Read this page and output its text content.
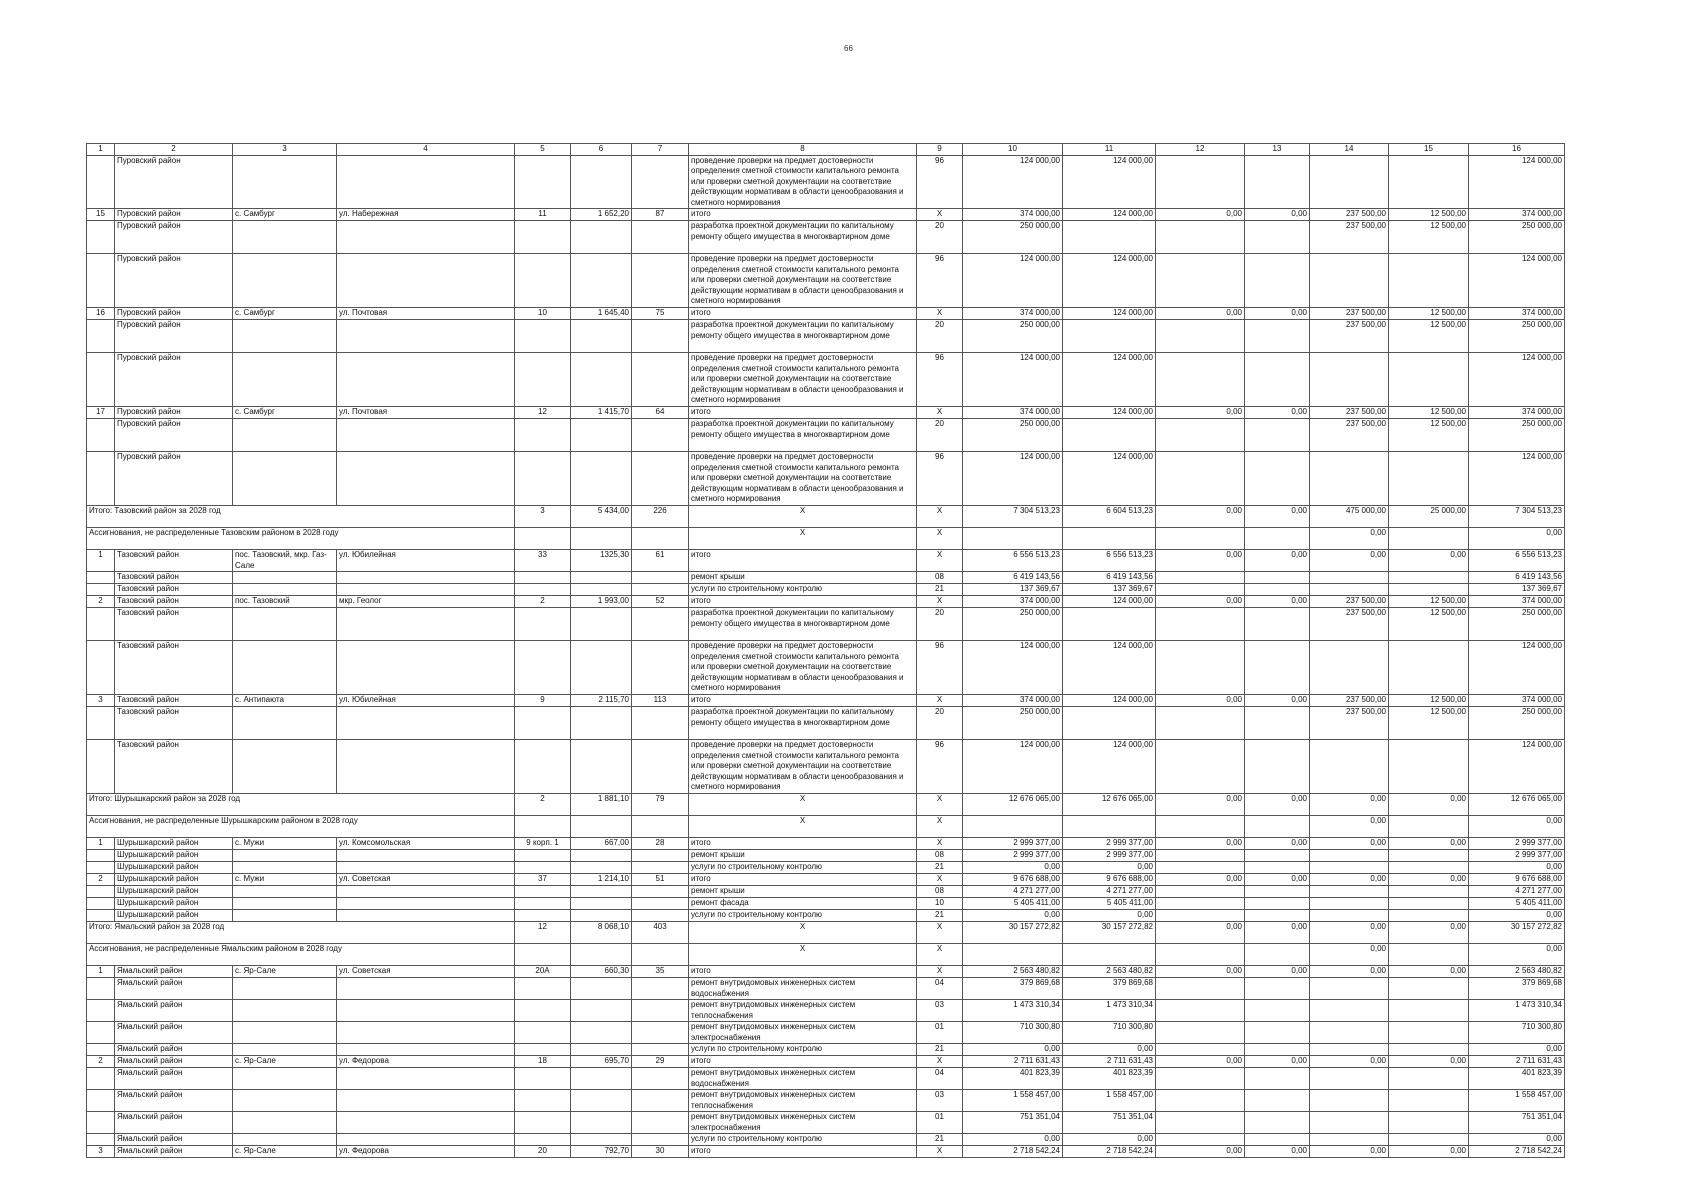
66
1	2	3	4	5	6	7	8	9	10	11	12	13	14	15	16
	Пуровский район						проведение проверки на предмет достоверности определения сметной стоимости капитального ремонта или проверки сметной документации на соответствие действующим нормативам в области ценообразования и сметного нормирования	96	124 000,00	124 000,00					124 000,00
15	Пуровский район	с. Самбург	ул. Набережная	11	1 652,20	87	итого	Х	374 000,00	124 000,00	0,00	0,00	237 500,00	12 500,00	374 000,00
	Пуровский район						разработка проектной документации по капитальному ремонту общего имущества в многоквартирном доме	20	250 000,00				237 500,00	12 500,00	250 000,00
	Пуровский район						проведение проверки на предмет достоверности определения сметной стоимости капитального ремонта или проверки сметной документации на соответствие действующим нормативам в области ценообразования и сметного нормирования	96	124 000,00	124 000,00					124 000,00
16	Пуровский район	с. Самбург	ул. Почтовая	10	1 645,40	75	итого	Х	374 000,00	124 000,00	0,00	0,00	237 500,00	12 500,00	374 000,00
	Пуровский район						разработка проектной документации по капитальному ремонту общего имущества в многоквартирном доме	20	250 000,00				237 500,00	12 500,00	250 000,00
	Пуровский район						проведение проверки на предмет достоверности определения сметной стоимости капитального ремонта или проверки сметной документации на соответствие действующим нормативам в области ценообразования и сметного нормирования	96	124 000,00	124 000,00					124 000,00
17	Пуровский район	с. Самбург	ул. Почтовая	12	1 415,70	64	итого	Х	374 000,00	124 000,00	0,00	0,00	237 500,00	12 500,00	374 000,00
	Пуровский район						разработка проектной документации по капитальному ремонту общего имущества в многоквартирном доме	20	250 000,00				237 500,00	12 500,00	250 000,00
	Пуровский район						проведение проверки на предмет достоверности определения сметной стоимости капитального ремонта или проверки сметной документации на соответствие действующим нормативам в области ценообразования и сметного нормирования	96	124 000,00	124 000,00					124 000,00
Итого: Тазовский район за 2028 год				3	5 434,00	226	Х	Х	7 304 513,23	6 604 513,23	0,00	0,00	475 000,00	25 000,00	7 304 513,23
Ассигнования, не распределенные Тазовским районом в 2028 году							Х	Х					0,00		0,00
1	Тазовский район	пос. Тазовский, мкр. Газ-Сале	ул. Юбилейная	33	1325,30	61	итого	Х	6 556 513,23	6 556 513,23	0,00	0,00	0,00	0,00	6 556 513,23
	Тазовский район						ремонт крыши	08	6 419 143,56	6 419 143,56					6 419 143,56
	Тазовский район						услуги по строительному контролю	21	137 369,67	137 369,67					137 369,67
2	Тазовский район	пос. Тазовский	мкр. Геолог	2	1 993,00	52	итого	Х	374 000,00	124 000,00	0,00	0,00	237 500,00	12 500,00	374 000,00
	Тазовский район						разработка проектной документации по капитальному ремонту общего имущества в многоквартирном доме	20	250 000,00				237 500,00	12 500,00	250 000,00
	Тазовский район						проведение проверки на предмет достоверности определения сметной стоимости капитального ремонта или проверки сметной документации на соответствие действующим нормативам в области ценообразования и сметного нормирования	96	124 000,00	124 000,00					124 000,00
3	Тазовский район	с. Антипаюта	ул. Юбилейная	9	2 115,70	113	итого	Х	374 000,00	124 000,00	0,00	0,00	237 500,00	12 500,00	374 000,00
	Тазовский район						разработка проектной документации по капитальному ремонту общего имущества в многоквартирном доме	20	250 000,00				237 500,00	12 500,00	250 000,00
	Тазовский район						проведение проверки на предмет достоверности определения сметной стоимости капитального ремонта или проверки сметной документации на соответствие действующим нормативам в области ценообразования и сметного нормирования	96	124 000,00	124 000,00					124 000,00
Итого: Шурышкарский район за 2028 год				2	1 881,10	79	Х	Х	12 676 065,00	12 676 065,00	0,00	0,00	0,00	0,00	12 676 065,00
Ассигнования, не распределенные Шурышкарским районом в 2028 году							Х	Х					0,00		0,00
1	Шурышкарский район	с. Мужи	ул. Комсомольская	9 корп. 1	667,00	28	итого	Х	2 999 377,00	2 999 377,00	0,00	0,00	0,00	0,00	2 999 377,00
	Шурышкарский район						ремонт крыши	08	2 999 377,00	2 999 377,00					2 999 377,00
	Шурышкарский район						услуги по строительному контролю	21	0,00	0,00					0,00
2	Шурышкарский район	с. Мужи	ул. Советская	37	1 214,10	51	итого	Х	9 676 688,00	9 676 688,00	0,00	0,00	0,00	0,00	9 676 688,00
	Шурышкарский район						ремонт крыши	08	4 271 277,00	4 271 277,00					4 271 277,00
	Шурышкарский район						ремонт фасада	10	5 405 411,00	5 405 411,00					5 405 411,00
	Шурышкарский район						услуги по строительному контролю	21	0,00	0,00					0,00
Итого: Ямальский район за 2028 год				12	8 068,10	403	Х	Х	30 157 272,82	30 157 272,82	0,00	0,00	0,00	0,00	30 157 272,82
Ассигнования, не распределенные Ямальским районом в 2028 году							Х	Х					0,00		0,00
1	Ямальский район	с. Яр-Сале	ул. Советская	20А	660,30	35	итого	Х	2 563 480,82	2 563 480,82	0,00	0,00	0,00	0,00	2 563 480,82
	Ямальский район						ремонт внутридомовых инженерных систем водоснабжения	04	379 869,68	379 869,68					379 869,68
	Ямальский район						ремонт внутридомовых инженерных систем теплоснабжения	03	1 473 310,34	1 473 310,34					1 473 310,34
	Ямальский район						ремонт внутридомовых инженерных систем электроснабжения	01	710 300,80	710 300,80					710 300,80
	Ямальский район						услуги по строительному контролю	21	0,00	0,00					0,00
2	Ямальский район	с. Яр-Сале	ул. Федорова	18	695,70	29	итого	Х	2 711 631,43	2 711 631,43	0,00	0,00	0,00	0,00	2 711 631,43
	Ямальский район						ремонт внутридомовых инженерных систем водоснабжения	04	401 823,39	401 823,39					401 823,39
	Ямальский район						ремонт внутридомовых инженерных систем теплоснабжения	03	1 558 457,00	1 558 457,00					1 558 457,00
	Ямальский район						ремонт внутридомовых инженерных систем электроснабжения	01	751 351,04	751 351,04					751 351,04
	Ямальский район						услуги по строительному контролю	21	0,00	0,00					0,00
3	Ямальский район	с. Яр-Сале	ул. Федорова	20	792,70	30	итого	Х	2 718 542,24	2 718 542,24	0,00	0,00	0,00	0,00	2 718 542,24
